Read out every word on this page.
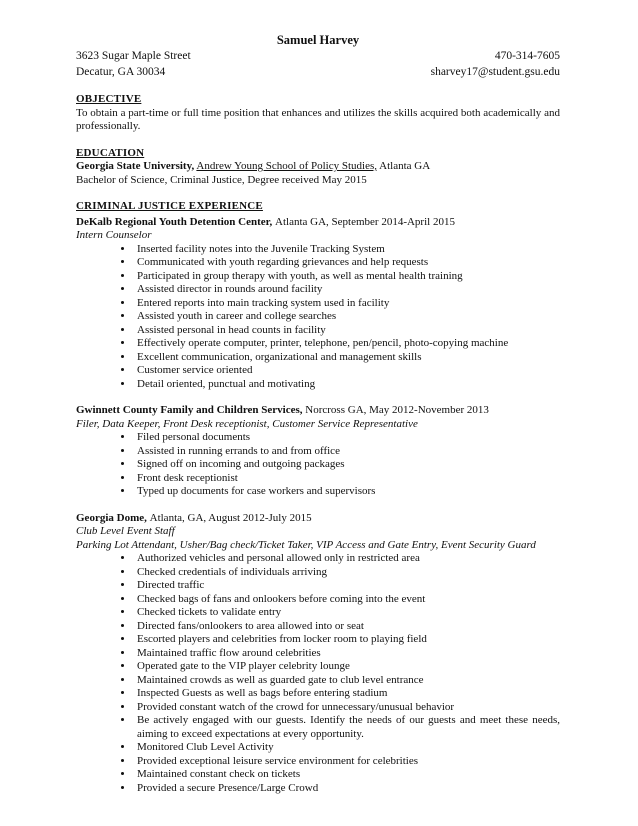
Samuel Harvey
3623 Sugar Maple Street
Decatur, GA 30034
470-314-7605
sharvey17@student.gsu.edu
OBJECTIVE

To obtain a part-time or full time position that enhances and utilizes the skills acquired both academically and professionally.

EDUCATION

Georgia State University, Andrew Young School of Policy Studies, Atlanta GA

Bachelor of Science, Criminal Justice, Degree received May 2015

CRIMINAL JUSTICE EXPERIENCE
DeKalb Regional Youth Detention Center, Atlanta GA, September 2014-April 2015
Intern Counselor
• Inserted facility notes into the Juvenile Tracking System
• Communicated with youth regarding grievances and help requests
• Participated in group therapy with youth, as well as mental health training
• Assisted director in rounds around facility
• Entered reports into main tracking system used in facility
• Assisted youth in career and college searches
• Assisted personal in head counts in facility
• Effectively operate computer, printer, telephone, pen/pencil, photo-copying machine
• Excellent communication, organizational and management skills
• Customer service oriented
• Detail oriented, punctual and motivating
Gwinnett County Family and Children Services, Norcross GA, May 2012-November 2013
Filer, Data Keeper, Front Desk receptionist, Customer Service Representative
• Filed personal documents
• Assisted in running errands to and from office
• Signed off on incoming and outgoing packages
• Front desk receptionist
• Typed up documents for case workers and supervisors
Georgia Dome, Atlanta, GA, August 2012-July 2015
Club Level Event Staff
Parking Lot Attendant, Usher/Bag check/Ticket Taker, VIP Access and Gate Entry, Event Security Guard
• Authorized vehicles and personal allowed only in restricted area
• Checked credentials of individuals arriving
• Directed traffic
• Checked bags of fans and onlookers before coming into the event
• Checked tickets to validate entry
• Directed fans/onlookers to area allowed into or seat
• Escorted players and celebrities from locker room to playing field
• Maintained traffic flow around celebrities
• Operated gate to the VIP player celebrity lounge
• Maintained crowds as well as guarded gate to club level entrance
• Inspected Guests as well as bags before entering stadium
• Provided constant watch of the crowd for unnecessary/unusual behavior
• Be actively engaged with our guests. Identify the needs of our guests and meet these needs, aiming to exceed expectations at every opportunity.
• Monitored Club Level Activity
• Provided exceptional leisure service environment for celebrities
• Maintained constant check on tickets
• Provided a secure Presence/Large Crowd
